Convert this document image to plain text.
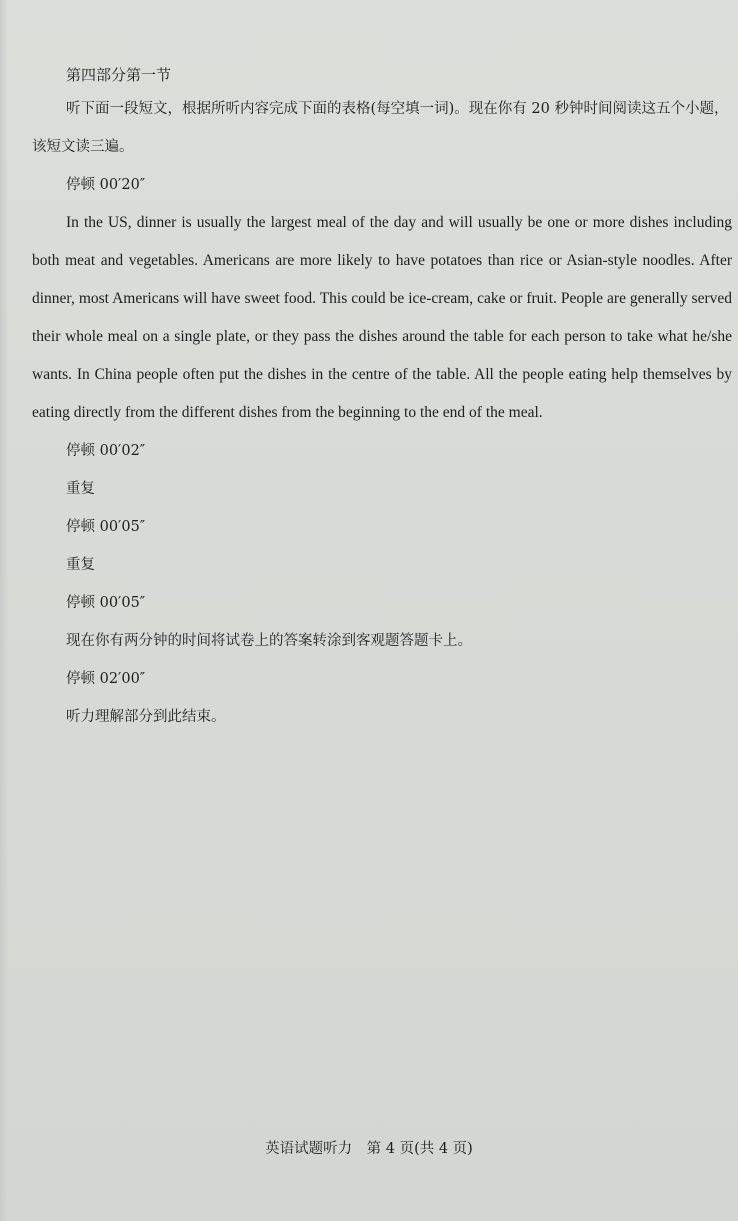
第四部分第一节

听下面一段短文，根据所听内容完成下面的表格(每空填一词)。现在你有 20 秒钟时间阅读这五个小题，该短文读三遍。

停顿 00′20″

In the US, dinner is usually the largest meal of the day and will usually be one or more dishes including both meat and vegetables. Americans are more likely to have potatoes than rice or Asian-style noodles. After dinner, most Americans will have sweet food. This could be ice-cream, cake or fruit. People are generally served their whole meal on a single plate, or they pass the dishes around the table for each person to take what he/she wants. In China people often put the dishes in the centre of the table. All the people eating help themselves by eating directly from the different dishes from the beginning to the end of the meal.

停顿 00′02″
重复
停顿 00′05″
重复
停顿 00′05″
现在你有两分钟的时间将试卷上的答案转涂到客观题答题卡上。
停顿 02′00″
听力理解部分到此结束。
英语试题听力　第 4 页(共 4 页)
